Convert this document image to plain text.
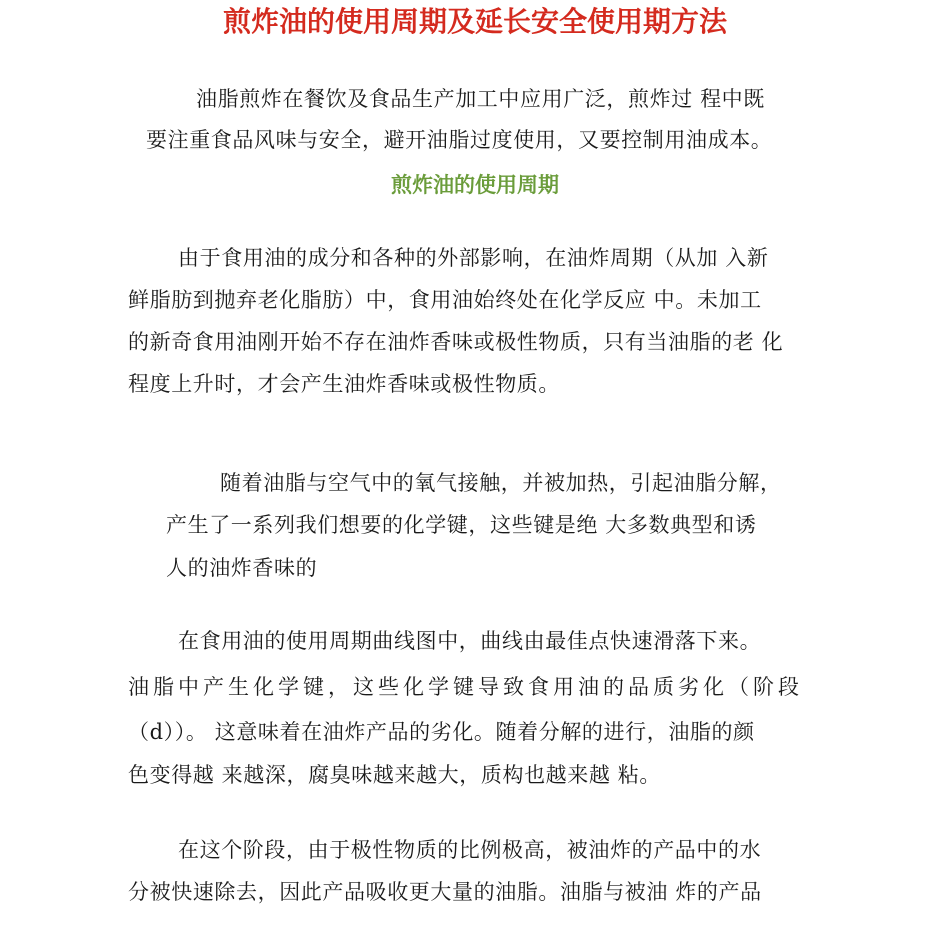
煎炸油的使用周期及延长安全使用期方法
油脂煎炸在餐饮及食品生产加工中应用广泛，煎炸过 程中既
要注重食品风味与安全，避开油脂过度使用，又要控制用油成本。
煎炸油的使用周期
由于食用油的成分和各种的外部影响，在油炸周期（从加 入新
鲜脂肪到抛弃老化脂肪）中，食用油始终处在化学反应 中。未加工
的新奇食用油刚开始不存在油炸香味或极性物质，只有当油脂的老 化
程度上升时，才会产生油炸香味或极性物质。
随着油脂与空气中的氧气接触，并被加热，引起油脂分解，
产生了一系列我们想要的化学键，这些键是绝 大多数典型和诱
人的油炸香味的
在食用油的使用周期曲线图中，曲线由最佳点快速滑落下来。
油脂中产生化学键，这些化学键导致食用油的品质劣化（阶段
（d））。 这意味着在油炸产品的劣化。随着分解的进行，油脂的颜
色变得越 来越深，腐臭味越来越大，质构也越来越 粘。
在这个阶段，由于极性物质的比例极高，被油炸的产品中的水
分被快速除去，因此产品吸收更大量的油脂。油脂与被油 炸的产品
